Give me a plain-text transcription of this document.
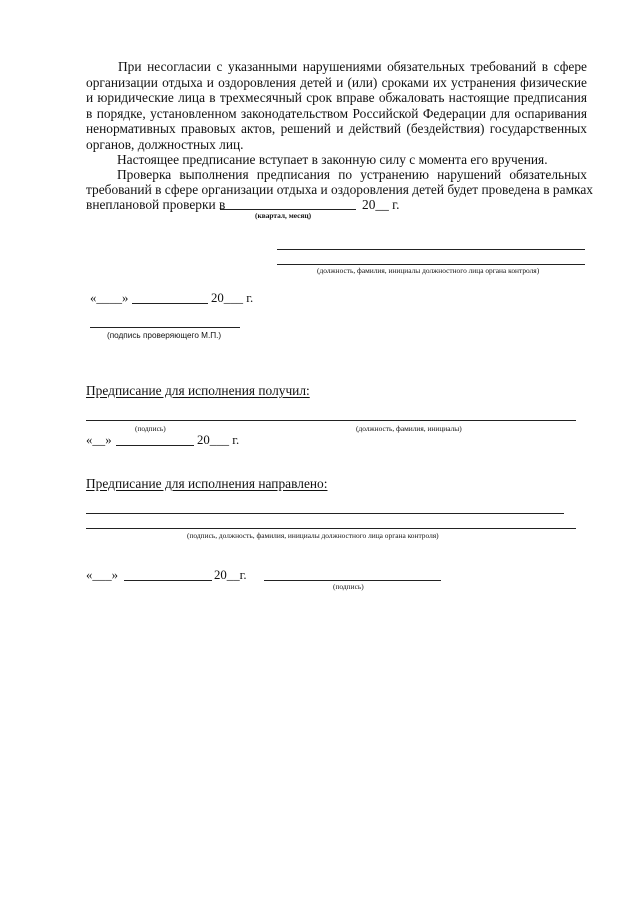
При несогласии с указанными нарушениями обязательных требований в сфере организации отдыха и оздоровления детей и (или) сроками их устранения физические и юридические лица в трехмесячный срок вправе обжаловать настоящие предписания в порядке, установленном законодательством Российской Федерации для оспаривания ненормативных правовых актов, решений и действий (бездействия) государственных органов, должностных лиц.
Настоящее предписание вступает в законную силу с момента его вручения.
Проверка выполнения предписания по устранению нарушений обязательных
требований в сфере организации отдыха и оздоровления детей будет проведена в рамках
внеплановой проверки в	20__ г.
(квартал, месяц)
(должность, фамилия, инициалы должностного лица органа контроля)
«____»	20___ г.
(подпись проверяющего М.П.)
Предписание для исполнения получил:
(подпись)	(должность, фамилия, инициалы)
«__»	20___ г.
Предписание для исполнения направлено:
(подпись, должность, фамилия, инициалы должностного лица органа контроля)
«___»	20__г.
(подпись)
